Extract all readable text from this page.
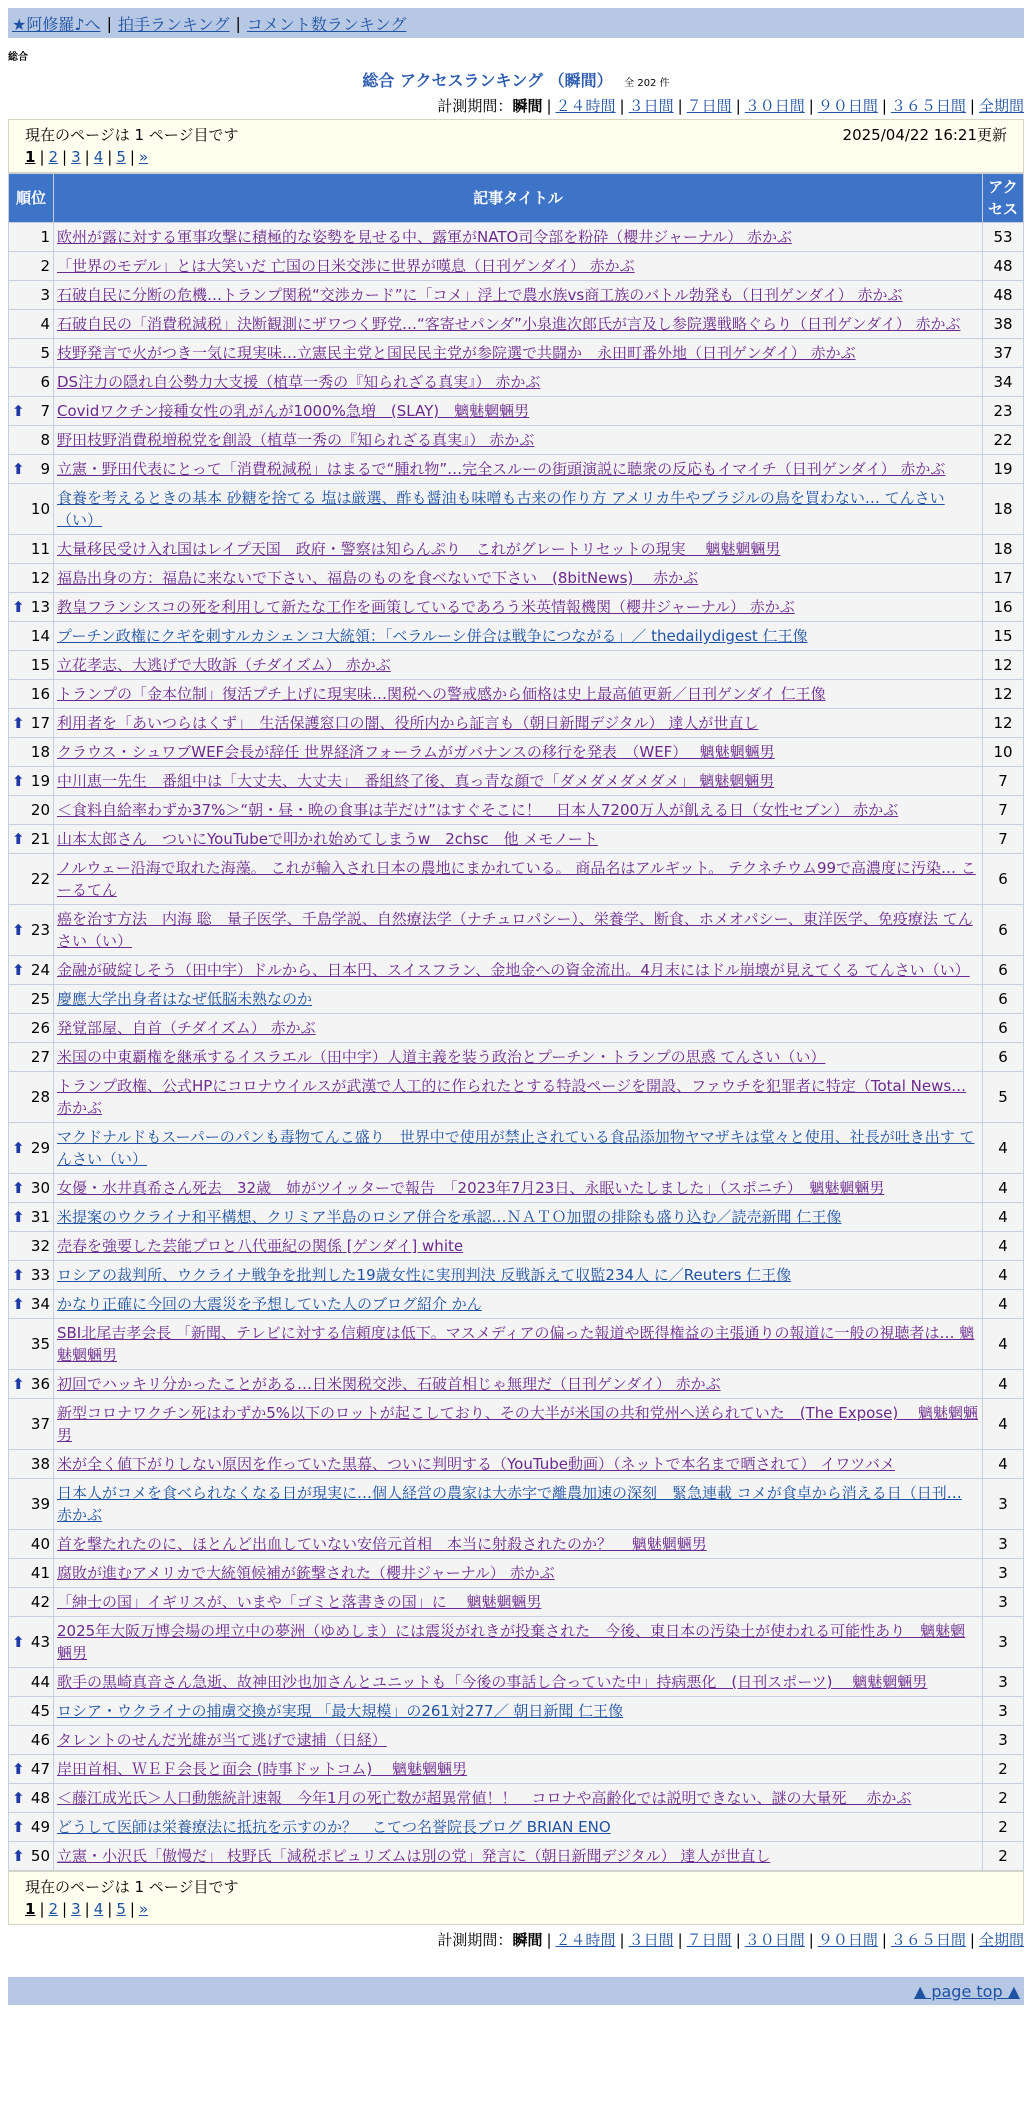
★阿修羅♪へ | 拍手ランキング | コメント数ランキング
総合
総合 アクセスランキング （瞬間） 全 202 件
計測期間：瞬間 | ２４時間 | ３日間 | ７日間 | ３０日間 | ９０日間 | ３６５日間 | 全期間
現在のページは 1 ページ目です	2025/04/22 16:21更新
1 | 2 | 3 | 4 | 5 | »
順位	記事タイトル	アクセス
1	欧州が露に対する軍事攻撃に積極的な姿勢を見せる中、露軍がNATO司令部を粉砕（櫻井ジャーナル） 赤かぶ	53
2	「世界のモデル」とは大笑いだ 亡国の日米交渉に世界が嘆息（日刊ゲンダイ） 赤かぶ	48
3	石破自民に分断の危機…トランプ関税“交渉カード”に「コメ」浮上で農水族vs商工族のバトル勃発も（日刊ゲンダイ） 赤かぶ	48
4	石破自民の「消費税減税」決断観測にザワつく野党…“客寄せパンダ”小泉進次郎氏が言及し参院選戦略ぐらり（日刊ゲンダイ） 赤かぶ	38
5	枝野発言で火がつき一気に現実味…立憲民主党と国民民主党が参院選で共闘か　永田町番外地（日刊ゲンダイ） 赤かぶ	37
6	DS注力の隠れ自公勢力大支援（植草一秀の『知られざる真実』） 赤かぶ	34

⬆ 7	Covidワクチン接種女性の乳がんが1000%急増　(SLAY)　魑魅魍魎男	23
8	野田枝野消費税増税党を創設（植草一秀の『知られざる真実』） 赤かぶ	22

⬆ 9	立憲・野田代表にとって「消費税減税」はまるで“腫れ物”…完全スルーの街頭演説に聴衆の反応もイマイチ（日刊ゲンダイ） 赤かぶ	19
10	食養を考えるときの基本 砂糖を捨てる 塩は厳選、酢も醤油も味噌も古来の作り方 アメリカ牛やブラジルの鳥を買わない… てんさい（い）	18
11	大量移民受け入れ国はレイプ天国　政府・警察は知らんぷり　これがグレートリセットの現実　 魑魅魍魎男	18
12	福島出身の方：福島に来ないで下さい、福島のものを食べないで下さい　(8bitNews)　 赤かぶ	17

⬆ 13	教皇フランシスコの死を利用して新たな工作を画策しているであろう米英情報機関（櫻井ジャーナル） 赤かぶ	16
14	プーチン政権にクギを刺すルカシェンコ大統領：「ベラルーシ併合は戦争につながる」／ thedailydigest 仁王像	15
15	立花孝志、大逃げで大敗訴（チダイズム） 赤かぶ	12
16	トランプの「金本位制」復活プチ上げに現実味…関税への警戒感から価格は史上最高値更新／日刊ゲンダイ 仁王像	12

⬆ 17	利用者を「あいつらはくず」　生活保護窓口の闇、役所内から証言も（朝日新聞デジタル） 達人が世直し	12
18	クラウス・シュワブWEF会長が辞任 世界経済フォーラムがガバナンスの移行を発表　（WEF）　 魑魅魍魎男	10

⬆ 19	中川恵一先生　番組中は「大丈夫、大丈夫」　番組終了後、真っ青な顔で「ダメダメダメダメ」 魑魅魍魎男	7
20	＜食料自給率わずか37%＞“朝・昼・晩の食事は芋だけ”はすぐそこに！　日本人7200万人が飢える日（女性セブン） 赤かぶ	7

⬆ 21	山本太郎さん　ついにYouTubeで叩かれ始めてしまうw　2chsc　他 メモノート	7
22	ノルウェー沿海で取れた海藻。 これが輸入され日本の農地にまかれている。 商品名はアルギット。 テクネチウム99で高濃度に汚染… こーるてん	6

⬆ 23	癌を治す方法　内海 聡　量子医学、千島学説、自然療法学（ナチュロパシー）、栄養学、断食、ホメオパシー、東洋医学、免疫療法 てんさい（い）	6

⬆ 24	金融が破綻しそう（田中宇）ドルから、日本円、スイスフラン、金地金への資金流出。4月末にはドル崩壊が見えてくる てんさい（い）	6
25	慶應大学出身者はなぜ低脳未熟なのか	6
26	発覚部屋、自首（チダイズム） 赤かぶ	6
27	米国の中東覇権を継承するイスラエル（田中宇）人道主義を装う政治とプーチン・トランプの思惑 てんさい（い）	6
28	トランプ政権、公式HPにコロナウイルスが武漢で人工的に作られたとする特設ページを開設、ファウチを犯罪者に特定（Total News… 赤かぶ	5

⬆ 29	マクドナルドもスーパーのパンも毒物てんこ盛り　世界中で使用が禁止されている食品添加物ヤマザキは堂々と使用、社長が吐き出す てんさい（い）	4

⬆ 30	女優・水井真希さん死去　32歳　姉がツイッターで報告　「2023年7月23日、永眠いたしました」（スポニチ）　魑魅魍魎男	4

⬆ 31	米提案のウクライナ和平構想、クリミア半島のロシア併合を承認…ＮＡＴＯ加盟の排除も盛り込む／読売新聞 仁王像	4
32	売春を強要した芸能プロと八代亜紀の関係 [ゲンダイ] white	4

⬆ 33	ロシアの裁判所、ウクライナ戦争を批判した19歳女性に実刑判決 反戦訴えて収監234人 に／Reuters 仁王像	4

⬆ 34	かなり正確に今回の大震災を予想していた人のブログ紹介 かん	4
35	SBI北尾吉孝会長 「新聞、テレビに対する信頼度は低下。マスメディアの偏った報道や既得権益の主張通りの報道に一般の視聴者は… 魑魅魍魎男	4

⬆ 36	初回でハッキリ分かったことがある…日米関税交渉、石破首相じゃ無理だ（日刊ゲンダイ） 赤かぶ	4
37	新型コロナワクチン死はわずか5%以下のロットが起こしており、その大半が米国の共和党州へ送られていた　(The Expose)　 魑魅魍魎男	4
38	米が全く値下がりしない原因を作っていた黒幕、ついに判明する（YouTube動画）（ネットで本名まで晒されて） イワツバメ	4
39	日本人がコメを食べられなくなる日が現実に…個人経営の農家は大赤字で離農加速の深刻　緊急連載 コメが食卓から消える日（日刊… 赤かぶ	3
40	首を撃たれたのに、ほとんど出血していない安倍元首相　本当に射殺されたのか？　 魑魅魍魎男	3
41	腐敗が進むアメリカで大統領候補が銃撃された（櫻井ジャーナル） 赤かぶ	3
42	「紳士の国」イギリスが、いまや「ゴミと落書きの国」に　 魑魅魍魎男	3

⬆ 43	2025年大阪万博会場の埋立中の夢洲（ゆめしま）には震災がれきが投棄された　今後、東日本の汚染土が使われる可能性あり　魑魅魍魎男	3
44	歌手の黒崎真音さん急逝、故神田沙也加さんとユニットも「今後の事話し合っていた中」持病悪化　(日刊スポーツ)　 魑魅魍魎男	3
45	ロシア・ウクライナの捕虜交換が実現 「最大規模」の261対277／ 朝日新聞 仁王像	3
46	タレントのせんだ光雄が当て逃げで逮捕（日経）	3

⬆ 47	岸田首相、ＷＥＦ会長と面会 (時事ドットコム)　 魑魅魍魎男	2

⬆ 48	＜藤江成光氏＞人口動態統計速報　今年1月の死亡数が超異常値！！　コロナや高齢化では説明できない、謎の大量死　 赤かぶ	2

⬆ 49	どうして医師は栄養療法に抵抗を示すのか？　こてつ名誉院長ブログ BRIAN ENO	2

⬆ 50	立憲・小沢氏「傲慢だ」 枝野氏「減税ポピュリズムは別の党」発言に（朝日新聞デジタル） 達人が世直し	2
現在のページは 1 ページ目です
1 | 2 | 3 | 4 | 5 | »
計測期間：瞬間 | ２４時間 | ３日間 | ７日間 | ３０日間 | ９０日間 | ３６５日間 | 全期間
▲ page top ▲
